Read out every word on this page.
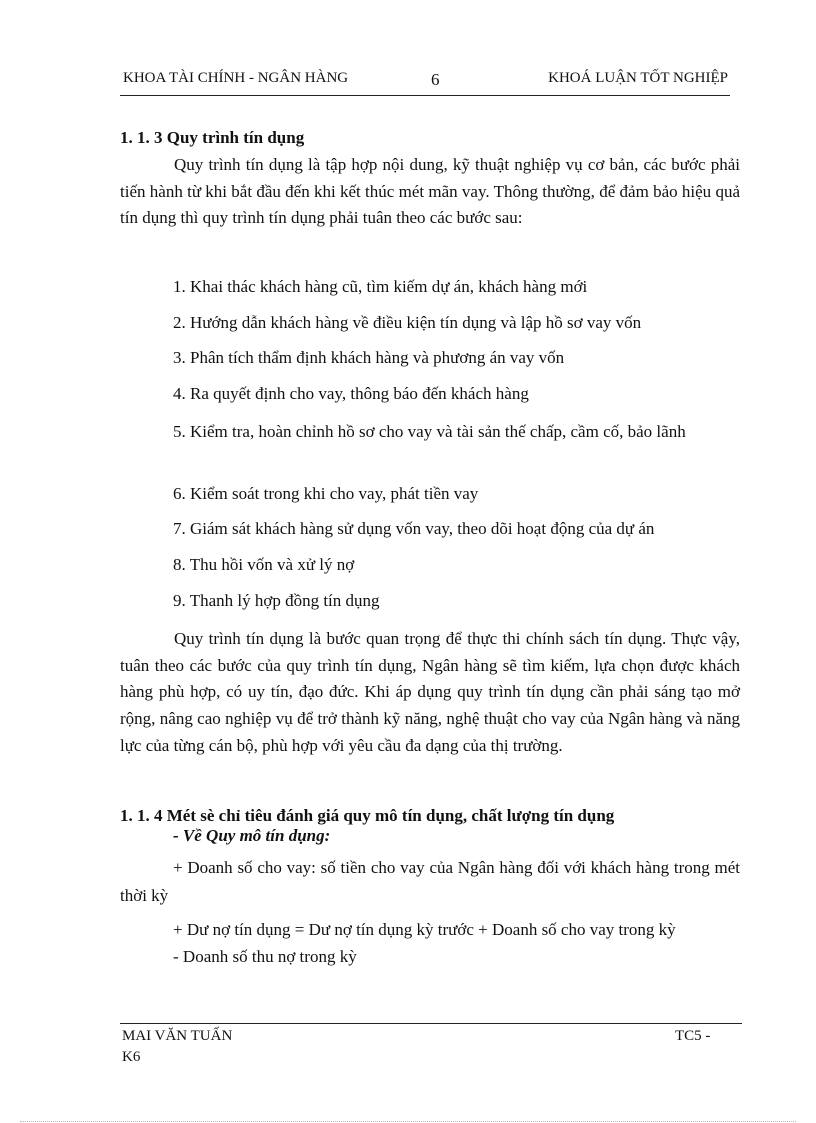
KHOA TÀI CHÍNH - NGÂN HÀNG	6	KHOÁ LUẬN TỐT NGHIỆP
1. 1. 3 Quy trình tín dụng

Quy trình tín dụng là tập hợp nội dung, kỹ thuật nghiệp vụ cơ bản, các bước phải tiến hành từ khi bắt đầu đến khi kết thúc mét mãn vay. Thông thường, để đảm bảo hiệu quả tín dụng thì quy trình tín dụng phải tuân theo các bước sau:

1. Khai thác khách hàng cũ, tìm kiếm dự án, khách hàng mới
2. Hướng dẫn khách hàng về điều kiện tín dụng và lập hồ sơ vay vốn
3. Phân tích thẩm định khách hàng và phương án vay vốn
4. Ra quyết định cho vay, thông báo đến khách hàng

5. Kiểm tra, hoàn chỉnh hồ sơ cho vay và tài sản thế chấp, cầm cố, bảo lãnh

6. Kiểm soát trong khi cho vay, phát tiền vay
7. Giám sát khách hàng sử dụng vốn vay, theo dõi hoạt động của dự án
8. Thu hồi vốn và xử lý nợ
9. Thanh lý hợp đồng tín dụng

Quy trình tín dụng là bước quan trọng để thực thi chính sách tín dụng. Thực vậy, tuân theo các bước của quy trình tín dụng, Ngân hàng sẽ tìm kiếm, lựa chọn được khách hàng phù hợp, có uy tín, đạo đức. Khi áp dụng quy trình tín dụng cần phải sáng tạo mở rộng, nâng cao nghiệp vụ để trở thành kỹ năng, nghệ thuật cho vay của Ngân hàng và năng lực của từng cán bộ, phù hợp với yêu cầu đa dạng của thị trường.

1. 1. 4 Mét sè chỉ tiêu đánh giá quy mô tín dụng, chất lượng tín dụng
- Về Quy mô tín dụng:

+ Doanh số cho vay: số tiền cho vay của Ngân hàng đối với khách hàng trong mét thời kỳ

+ Dư nợ tín dụng = Dư nợ tín dụng kỳ trước + Doanh số cho vay trong kỳ
- Doanh số thu nợ trong kỳ
MAI VĂN TUẤN	TC5 -
K6
